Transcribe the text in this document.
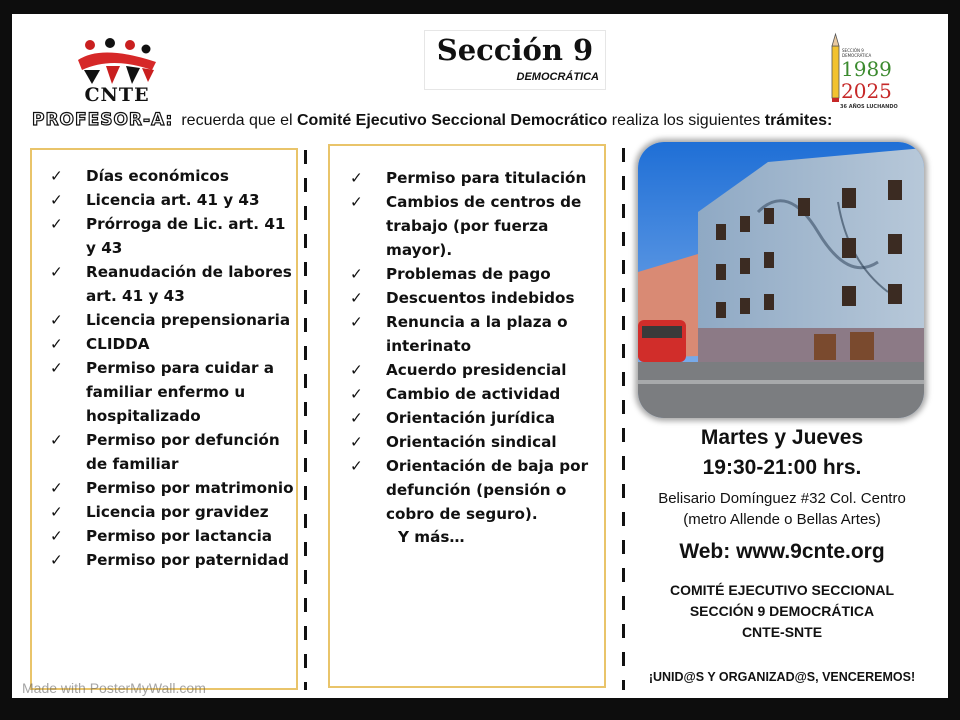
CNTE
Sección 9
DEMOCRÁTICA
SECCIÓN 9
DEMOCRÁTICA
1989
2025
36 AÑOS LUCHANDO
PROFESOR-A: recuerda que el Comité Ejecutivo Seccional Democrático realiza los siguientes trámites:
✓ Días económicos
✓ Licencia art. 41 y 43
✓ Prórroga de Lic. art. 41 y 43
✓ Reanudación de labores art. 41 y 43
✓ Licencia prepensionaria
✓ CLIDDA
✓ Permiso para cuidar a familiar enfermo u hospitalizado
✓ Permiso por defunción de familiar
✓ Permiso por matrimonio
✓ Licencia por gravidez
✓ Permiso por lactancia
✓ Permiso por paternidad
✓ Permiso para titulación
✓ Cambios de centros de trabajo (por fuerza mayor).
✓ Problemas de pago
✓ Descuentos indebidos
✓ Renuncia a la plaza o interinato
✓ Acuerdo presidencial
✓ Cambio de actividad
✓ Orientación jurídica
✓ Orientación sindical
✓ Orientación de baja por defunción (pensión o cobro de seguro).
Y más…
Martes y Jueves
19:30-21:00 hrs.
Belisario Domínguez #32 Col. Centro
(metro Allende o Bellas Artes)
Web: www.9cnte.org
COMITÉ EJECUTIVO SECCIONAL
SECCIÓN 9 DEMOCRÁTICA
CNTE-SNTE
¡UNID@S Y ORGANIZAD@S, VENCEREMOS!
Made with PosterMyWall.com
